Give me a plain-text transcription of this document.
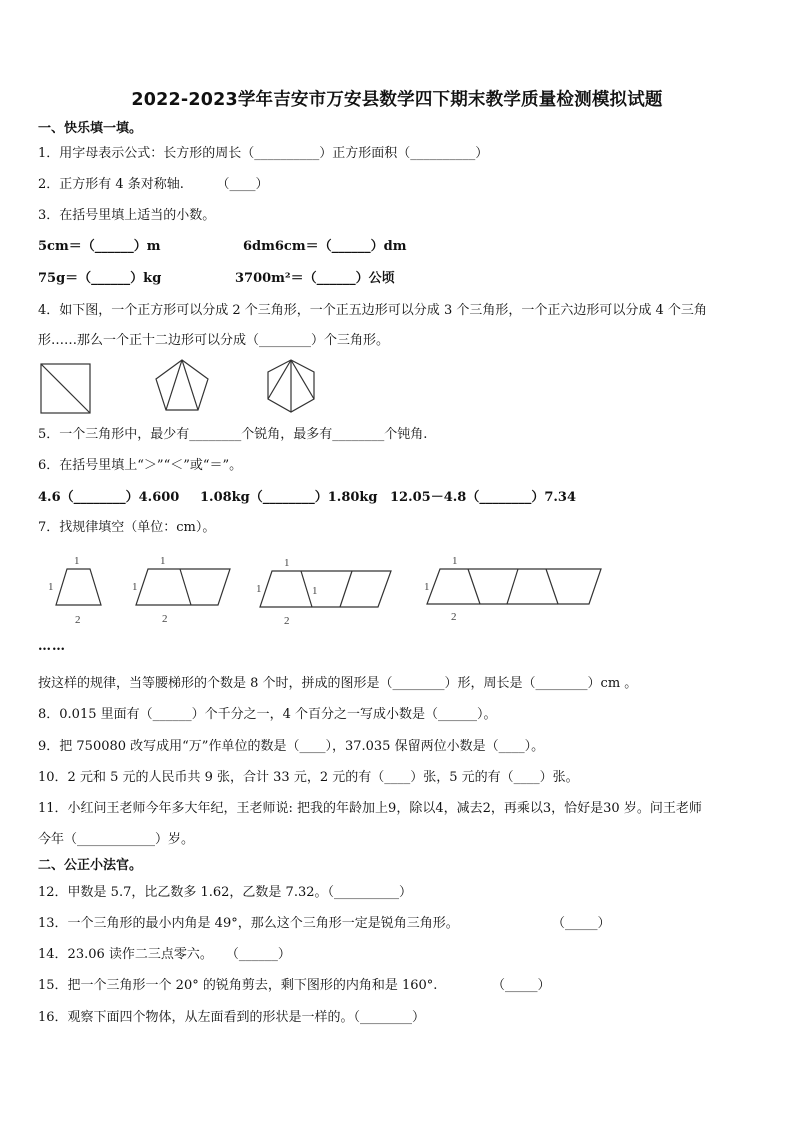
2022-2023学年吉安市万安县数学四下期末教学质量检测模拟试题
一、快乐填一填。
1．用字母表示公式：长方形的周长（__________）正方形面积（__________）
2．正方形有 4 条对称轴.　　　（____）
3．在括号里填上适当的小数。
5cm＝（______）m	6dm6cm＝（______）dm
75g＝（______）kg	3700m²＝（______）公顷
4．如下图，一个正方形可以分成 2 个三角形，一个正五边形可以分成 3 个三角形，一个正六边形可以分成 4 个三角
形……那么一个正十二边形可以分成（________）个三角形。
5．一个三角形中，最少有________个锐角，最多有________个钝角.
6．在括号里填上“＞”“＜”或“＝”。
4.6（________）4.600 1.08kg（________）1.80kg 12.05－4.8（________）7.34
7．找规律填空（单位：cm）。
1
1
2
1
1
2
1
1	1
2
1
1
2
……
按这样的规律，当等腰梯形的个数是 8 个时，拼成的图形是（________）形，周长是（________）cm 。
8．0.015 里面有（______）个千分之一，4 个百分之一写成小数是（______）。
9．把 750080 改写成用“万”作单位的数是（____），37.035 保留两位小数是（____）。
10．2 元和 5 元的人民币共 9 张，合计 33 元，2 元的有（____）张，5 元的有（____）张。
11．小红问王老师今年多大年纪，王老师说: 把我的年龄加上9，除以4，减去2，再乘以3，恰好是30 岁。问王老师
今年（____________）岁。
二、公正小法官。
12．甲数是 5.7，比乙数多 1.62，乙数是 7.32。（__________）
13．一个三角形的最小内角是 49°，那么这个三角形一定是锐角三角形。	（_____）
14．23.06 读作二三点零六。　　（______）
15．把一个三角形一个 20° 的锐角剪去，剩下图形的内角和是 160°.	（_____）
16．观察下面四个物体，从左面看到的形状是一样的。（________）
